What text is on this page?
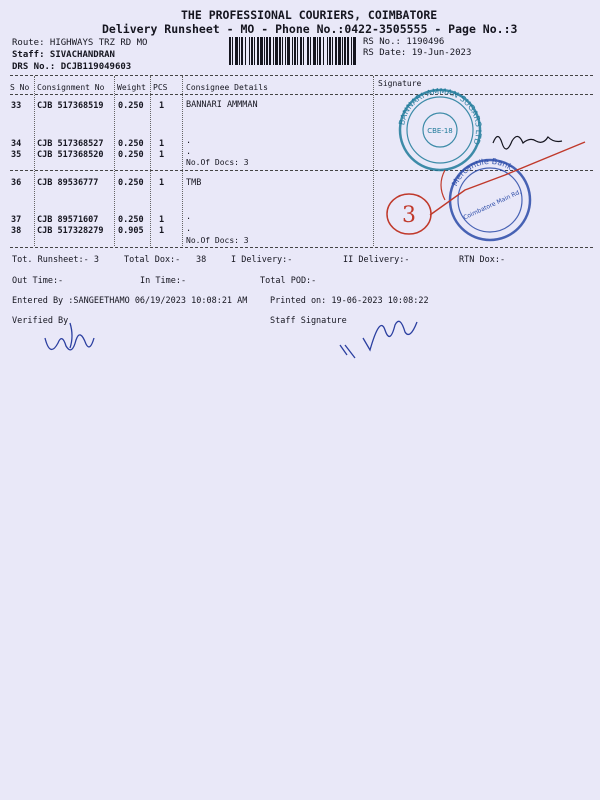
THE PROFESSIONAL COURIERS, COIMBATORE
Delivery Runsheet - MO - Phone No.:0422-3505555 - Page No.:3
Route: HIGHWAYS TRZ RD MO
Staff: SIVACHANDRAN
DRS No.: DCJB119049603
RS No.: 1190496
RS Date: 19-Jun-2023
S No Consignment No Weight PCS Consignee Details	Signature
33 CJB 517368519 0.250 1	BANNARI AMMMAN
34 CJB 517368527 0.250 1	.
35 CJB 517368520 0.250 1	.
No.Of Docs: 3
36 CJB 89536777 0.250 1	TMB
37 CJB 89571607 0.250 1	.
38 CJB 517328279 0.905 1	.
No.Of Docs: 3
Tot. Runsheet:- 3	Total Dox:- 38	I Delivery:-	II Delivery:-	RTN Dox:-
Out Time:-	In Time:-	Total POD:-
Entered By :SANGEETHAMO 06/19/2023 10:08:21 AM	Printed on: 19-06-2023 10:08:22
Verified By	Staff Signature
BANNARI AMMAN SUGARS LTD
CBE-18
Mercantile Bank
Coimbatore Main Rd.
3
